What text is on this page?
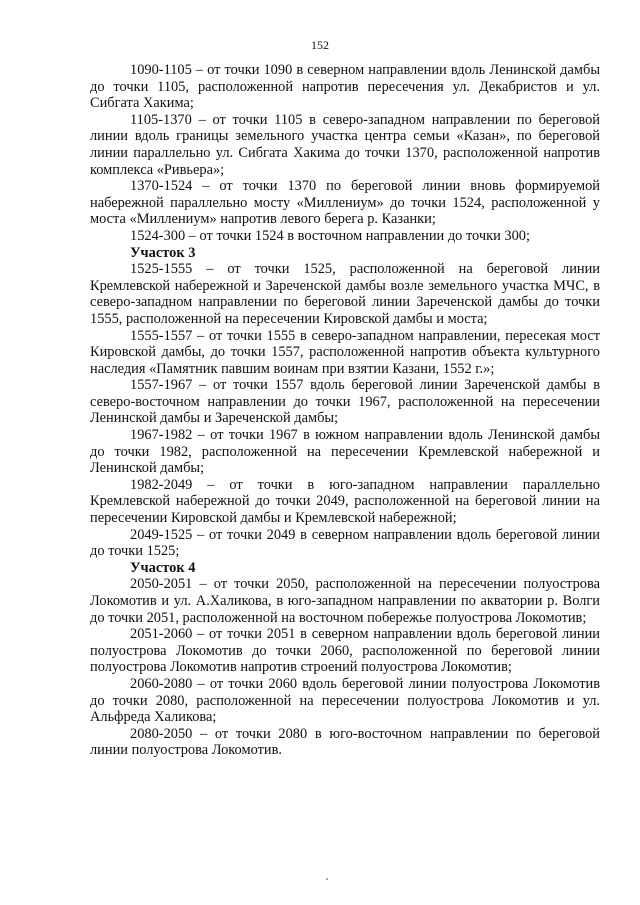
152

1090-1105 – от точки 1090 в северном направлении вдоль Ленинской дамбы до точки 1105, расположенной напротив пересечения ул. Декабристов и ул. Сибгата Хакима;

1105-1370 – от точки 1105 в северо-западном направлении по береговой линии вдоль границы земельного участка центра семьи «Казан», по береговой линии параллельно ул. Сибгата Хакима до точки 1370, расположенной напротив комплекса «Ривьера»;

1370-1524 – от точки 1370 по береговой линии вновь формируемой набережной параллельно мосту «Миллениум» до точки 1524, расположенной у моста «Миллениум» напротив левого берега р. Казанки;

1524-300 – от точки 1524 в восточном направлении до точки 300;

Участок 3

1525-1555 – от точки 1525, расположенной на береговой линии Кремлевской набережной и Зареченской дамбы возле земельного участка МЧС, в северо-западном направлении по береговой линии Зареченской дамбы до точки 1555, расположенной на пересечении Кировской дамбы и моста;

1555-1557 – от точки 1555 в северо-западном направлении, пересекая мост Кировской дамбы, до точки 1557, расположенной напротив объекта культурного наследия «Памятник павшим воинам при взятии Казани, 1552 г.»;

1557-1967 – от точки 1557 вдоль береговой линии Зареченской дамбы в северо-восточном направлении до точки 1967, расположенной на пересечении Ленинской дамбы и Зареченской дамбы;

1967-1982 – от точки 1967 в южном направлении вдоль Ленинской дамбы до точки 1982, расположенной на пересечении Кремлевской набережной и Ленинской дамбы;

1982-2049 – от точки в юго-западном направлении параллельно Кремлевской набережной до точки 2049, расположенной на береговой линии на пересечении Кировской дамбы и Кремлевской набережной;

2049-1525 – от точки 2049 в северном направлении вдоль береговой линии до точки 1525;

Участок 4

2050-2051 – от точки 2050, расположенной на пересечении полуострова Локомотив и ул. А.Халикова, в юго-западном направлении по акватории р. Волги до точки 2051, расположенной на восточном побережье полуострова Локомотив;

2051-2060 – от точки 2051 в северном направлении вдоль береговой линии полуострова Локомотив до точки 2060, расположенной по береговой линии полуострова Локомотив напротив строений полуострова Локомотив;

2060-2080 – от точки 2060 вдоль береговой линии полуострова Локомотив до точки 2080, расположенной на пересечении полуострова Локомотив и ул. Альфреда Халикова;

2080-2050 – от точки 2080 в юго-восточном направлении по береговой линии полуострова Локомотив.
